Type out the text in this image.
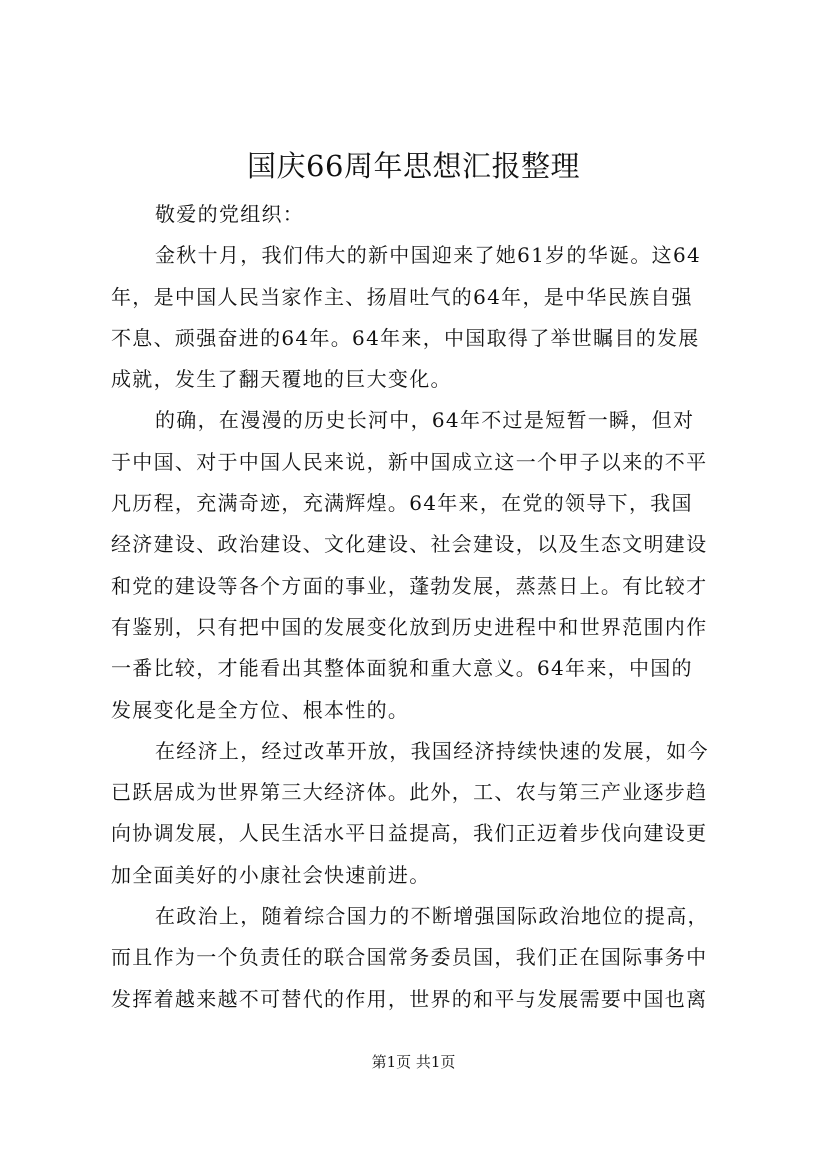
国庆66周年思想汇报整理
敬爱的党组织：
金秋十月，我们伟大的新中国迎来了她61岁的华诞。这64
年，是中国人民当家作主、扬眉吐气的64年，是中华民族自强
不息、顽强奋进的64年。64年来，中国取得了举世瞩目的发展
成就，发生了翻天覆地的巨大变化。
的确，在漫漫的历史长河中，64年不过是短暂一瞬，但对
于中国、对于中国人民来说，新中国成立这一个甲子以来的不平
凡历程，充满奇迹，充满辉煌。64年来，在党的领导下，我国
经济建设、政治建设、文化建设、社会建设，以及生态文明建设
和党的建设等各个方面的事业，蓬勃发展，蒸蒸日上。有比较才
有鉴别，只有把中国的发展变化放到历史进程中和世界范围内作
一番比较，才能看出其整体面貌和重大意义。64年来，中国的
发展变化是全方位、根本性的。
在经济上，经过改革开放，我国经济持续快速的发展，如今
已跃居成为世界第三大经济体。此外，工、农与第三产业逐步趋
向协调发展，人民生活水平日益提高，我们正迈着步伐向建设更
加全面美好的小康社会快速前进。
在政治上，随着综合国力的不断增强国际政治地位的提高，
而且作为一个负责任的联合国常务委员国，我们正在国际事务中
发挥着越来越不可替代的作用，世界的和平与发展需要中国也离
第1页 共1页
